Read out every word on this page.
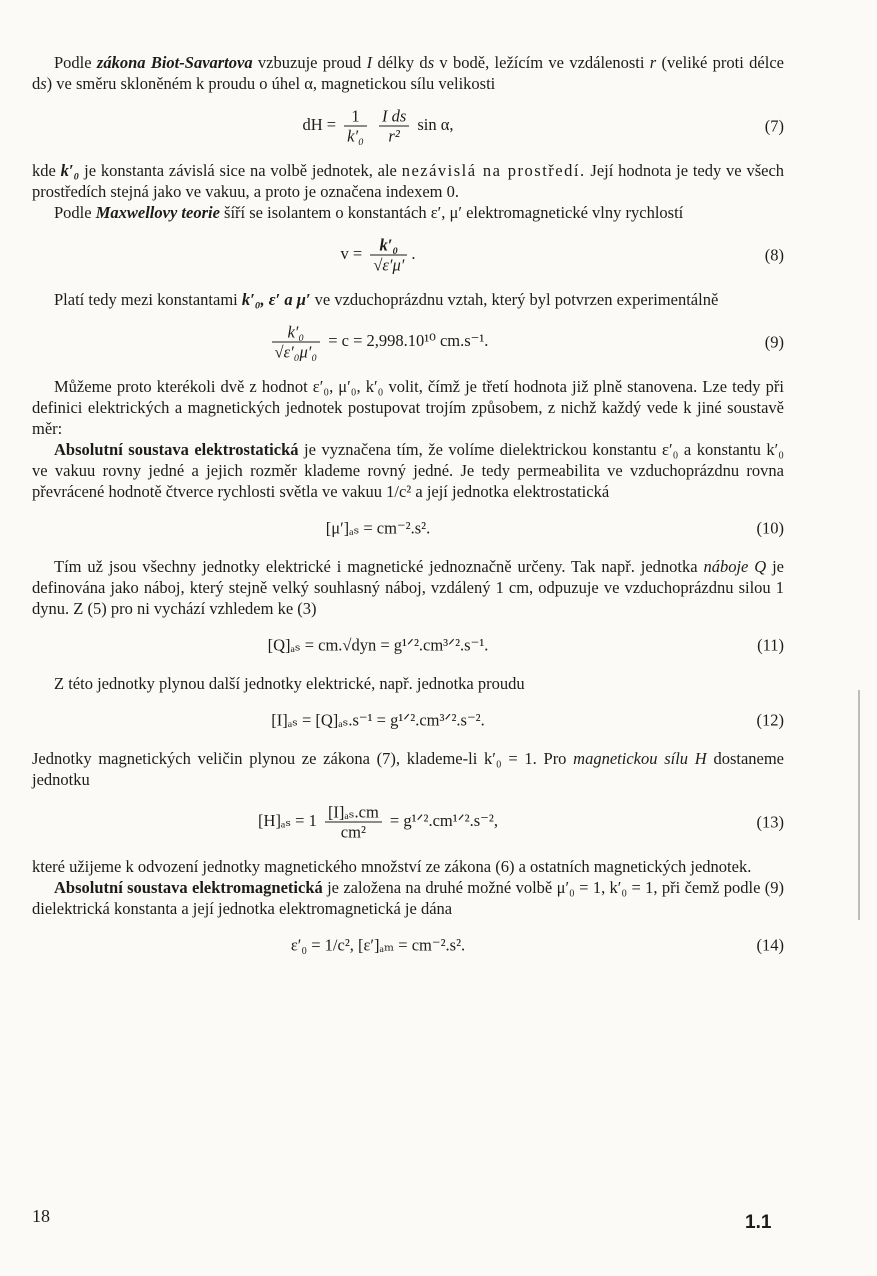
Podle zákona Biot-Savartova vzbuzuje proud I délky ds v bodě, ležícím ve vzdálenosti r (veliké proti délce ds) ve směru skloněném k proudu o úhel α, magnetickou sílu velikosti

dH = $\frac{1}{\text{k′₀}}$
$\frac{\text{I ds}}{\text{r²}}$ sin α,	(7)

kde k′₀ je konstanta závislá sice na volbě jednotek, ale nezávislá na prostředí. Její hodnota je tedy ve všech prostředích stejná jako ve vakuu, a proto je označena indexem 0.

Podle Maxwellovy teorie šíří se isolantem o konstantách ε′, μ′ elektromagnetické vlny rychlostí

$v = \frac{\text{k′₀}}{√\varepsilon'\mu'}$ .	(8)

Platí tedy mezi konstantami k′₀, ε′ a μ′ ve vzduchoprázdnu vztah, který byl potvrzen experimentálně

$\frac{\text{k′₀}}{\text{√ε′₀μ′₀}} = c = 2,998.10^{10}$ cm.s⁻¹.	(9)

Můžeme proto kterékoli dvě z hodnot ε′₀, μ′₀, k′₀ volit, čímž je třetí hodnota již plně stanovena. Lze tedy při definici elektrických a magnetických jednotek postupovat trojím způsobem, z nichž každý vede k jiné soustavě měr:

Absolutní soustava elektrostatická je vyznačena tím, že volíme dielektrickou konstantu ε′₀ a konstantu k′₀ ve vakuu rovny jedné a jejich rozměr klademe rovný jedné. Je tedy permeabilita ve vzduchoprázdnu rovna převrácené hodnotě čtverce rychlosti světla ve vakuu 1/c² a její jednotka elektrostatická

[μ′]ₐₛ = cm⁻².s².	(10)

Tím už jsou všechny jednotky elektrické i magnetické jednoznačně určeny. Tak např. jednotka náboje Q je definována jako náboj, který stejně velký souhlasný náboj, vzdálený 1 cm, odpuzuje ve vzduchoprázdnu silou 1 dynu. Z (5) pro ni vychází vzhledem ke (3)

[Q]ₐₛ = cm.√dyn = g¹ᐟ².cm³ᐟ².s⁻¹.	(11)

Z této jednotky plynou další jednotky elektrické, např. jednotka proudu

[I]ₐₛ = [Q]ₐₛ.s⁻¹ = g¹ᐟ².cm³ᐟ².s⁻².	(12)

Jednotky magnetických veličin plynou ze zákona (7), klademe-li k′₀ = 1. Pro magnetickou sílu H dostaneme jednotku

$[H]_{as} = 1 \frac{\text{[I]ₐₛ.cm}}{\text{cm²}}$ = g¹ᐟ².cm¹ᐟ².s⁻²,	(13)

které užijeme k odvození jednotky magnetického množství ze zákona (6) a ostatních magnetických jednotek.

Absolutní soustava elektromagnetická je založena na druhé možné volbě μ′₀ = 1, k′₀ = 1, při čemž podle (9) dielektrická konstanta a její jednotka elektromagnetická je dána

ε′₀ = 1/c², [ε′]ₐₘ = cm⁻².s².	(14)
18	1.1
